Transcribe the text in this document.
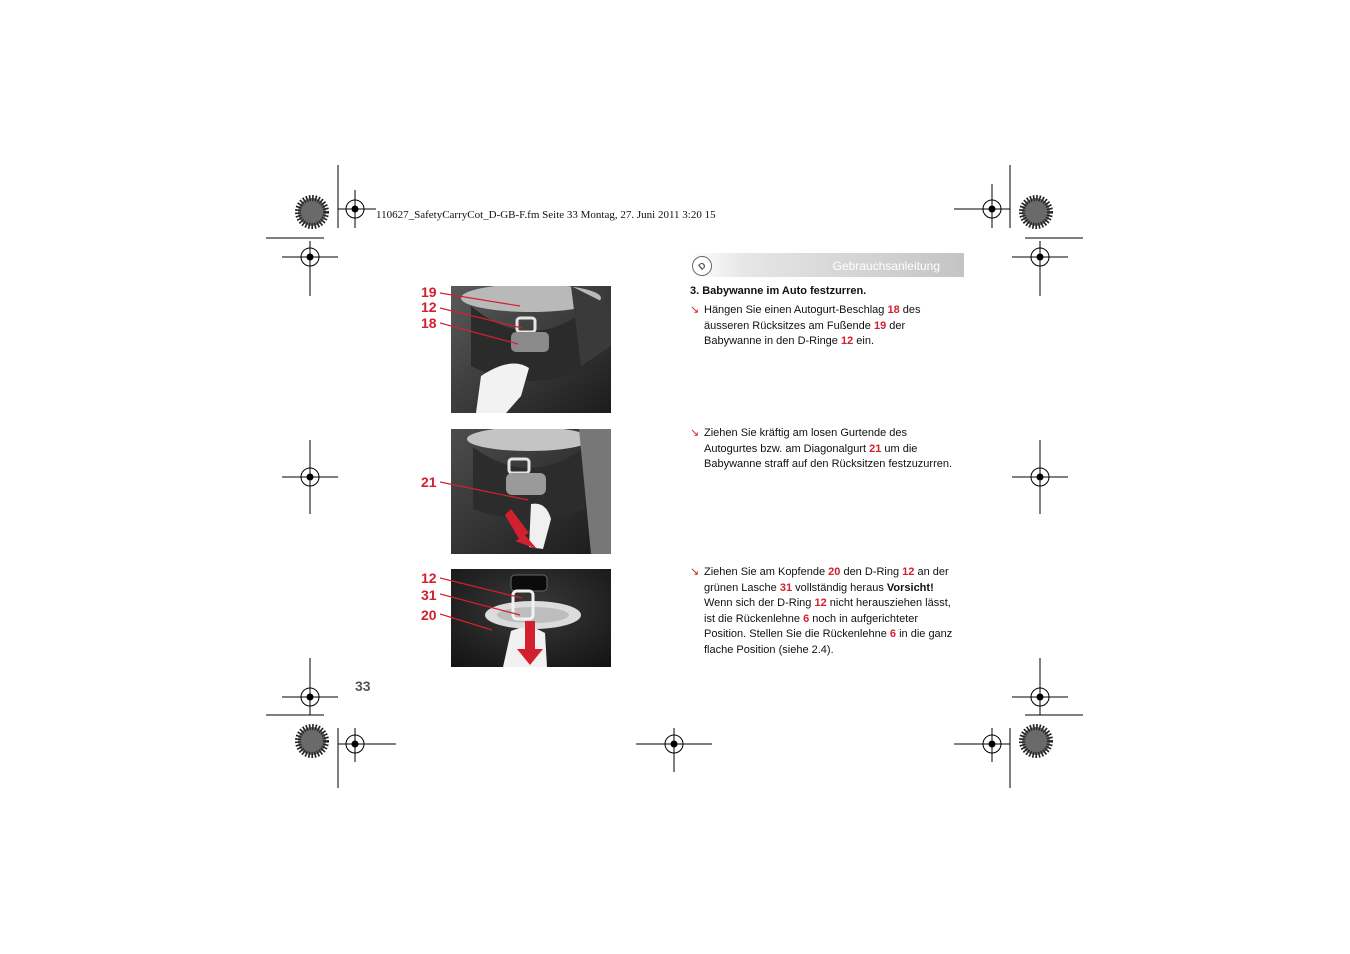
110627_SafetyCarryCot_D-GB-F.fm Seite 33 Montag, 27. Juni 2011 3:20 15
D	Gebrauchsanleitung
3. Babywanne im Auto festzurren.
↘ Hängen Sie einen Autogurt-Beschlag 18 des äusseren Rücksitzes am Fußende 19 der Babywanne in den D-Ringe 12 ein.
↘ Ziehen Sie kräftig am losen Gurtende des Autogurtes bzw. am Diagonalgurt 21 um die Babywanne straff auf den Rücksitzen festzuzurren.
↘ Ziehen Sie am Kopfende 20 den D-Ring 12 an der grünen Lasche 31 vollständig heraus Vorsicht! Wenn sich der D-Ring 12 nicht herausziehen lässt, ist die Rückenlehne 6 noch in aufgerichteter Position. Stellen Sie die Rückenlehne 6 in die ganz flache Position (siehe 2.4).
19
12
18
21
12
31
20
33
